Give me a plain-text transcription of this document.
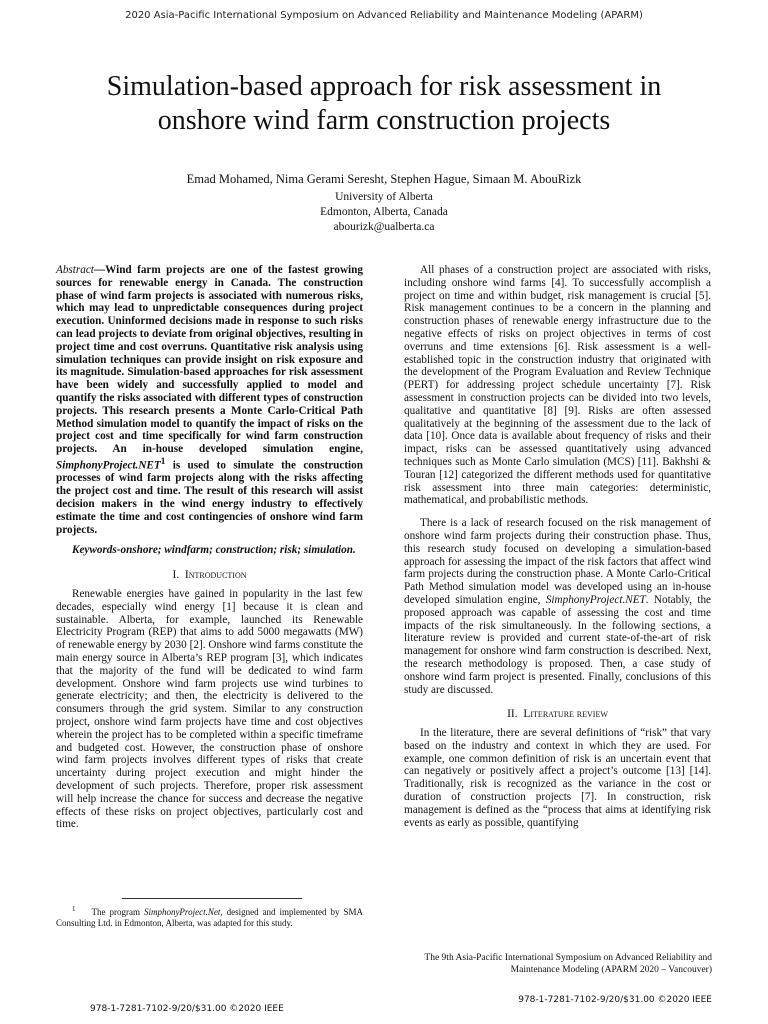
2020 Asia-Pacific International Symposium on Advanced Reliability and Maintenance Modeling (APARM)
Simulation-based approach for risk assessment in
onshore wind farm construction projects
Emad Mohamed, Nima Gerami Seresht, Stephen Hague, Simaan M. AbouRizk
University of Alberta
Edmonton, Alberta, Canada
abourizk@ualberta.ca

Abstract—Wind farm projects are one of the fastest growing sources for renewable energy in Canada. The construction phase of wind farm projects is associated with numerous risks, which may lead to unpredictable consequences during project execution. Uninformed decisions made in response to such risks can lead projects to deviate from original objectives, resulting in project time and cost overruns. Quantitative risk analysis using simulation techniques can provide insight on risk exposure and its magnitude. Simulation-based approaches for risk assessment have been widely and successfully applied to model and quantify the risks associated with different types of construction projects. This research presents a Monte Carlo-Critical Path Method simulation model to quantify the impact of risks on the project cost and time specifically for wind farm construction projects. An in-house developed simulation engine, SimphonyProject.NET$^1$ is used to simulate the construction processes of wind farm projects along with the risks affecting the project cost and time. The result of this research will assist decision makers in the wind energy industry to effectively estimate the time and cost contingencies of onshore wind farm projects.

Keywords-onshore; windfarm; construction; risk; simulation.

I. Introduction

Renewable energies have gained in popularity in the last few decades, especially wind energy [1] because it is clean and sustainable. Alberta, for example, launched its Renewable Electricity Program (REP) that aims to add 5000 megawatts (MW) of renewable energy by 2030 [2]. Onshore wind farms constitute the main energy source in Alberta’s REP program [3], which indicates that the majority of the fund will be dedicated to wind farm development. Onshore wind farm projects use wind turbines to generate electricity; and then, the electricity is delivered to the consumers through the grid system. Similar to any construction project, onshore wind farm projects have time and cost objectives wherein the project has to be completed within a specific timeframe and budgeted cost. However, the construction phase of onshore wind farm projects involves different types of risks that create uncertainty during project execution and might hinder the development of such projects. Therefore, proper risk assessment will help increase the chance for success and decrease the negative effects of these risks on project objectives, particularly cost and time.

All phases of a construction project are associated with risks, including onshore wind farms [4]. To successfully accomplish a project on time and within budget, risk management is crucial [5]. Risk management continues to be a concern in the planning and construction phases of renewable energy infrastructure due to the negative effects of risks on project objectives in terms of cost overruns and time extensions [6]. Risk assessment is a well-established topic in the construction industry that originated with the development of the Program Evaluation and Review Technique (PERT) for addressing project schedule uncertainty [7]. Risk assessment in construction projects can be divided into two levels, qualitative and quantitative [8] [9]. Risks are often assessed qualitatively at the beginning of the assessment due to the lack of data [10]. Once data is available about frequency of risks and their impact, risks can be assessed quantitatively using advanced techniques such as Monte Carlo simulation (MCS) [11]. Bakhshi & Touran [12] categorized the different methods used for quantitative risk assessment into three main categories: deterministic, mathematical, and probabilistic methods.

There is a lack of research focused on the risk management of onshore wind farm projects during their construction phase. Thus, this research study focused on developing a simulation-based approach for assessing the impact of the risk factors that affect wind farm projects during the construction phase. A Monte Carlo-Critical Path Method simulation model was developed using an in-house developed simulation engine, SimphonyProject.NET. Notably, the proposed approach was capable of assessing the cost and time impacts of the risk simultaneously. In the following sections, a literature review is provided and current state-of-the-art of risk management for onshore wind farm construction is described. Next, the research methodology is proposed. Then, a case study of onshore wind farm project is presented. Finally, conclusions of this study are discussed.

II. Literature review

In the literature, there are several definitions of “risk” that vary based on the industry and context in which they are used. For example, one common definition of risk is an uncertain event that can negatively or positively affect a project’s outcome [13] [14]. Traditionally, risk is recognized as the variance in the cost or duration of construction projects [7]. In construction, risk management is defined as the “process that aims at identifying risk events as early as possible, quantifying

$^1$ The program SimphonyProject.Net, designed and implemented by SMA Consulting Ltd. in Edmonton, Alberta, was adapted for this study.
The 9th Asia-Pacific International Symposium on Advanced Reliability and
Maintenance Modeling (APARM 2020 – Vancouver)
978-1-7281-7102-9/20/$31.00 ©2020 IEEE
978-1-7281-7102-9/20/$31.00 ©2020 IEEE
